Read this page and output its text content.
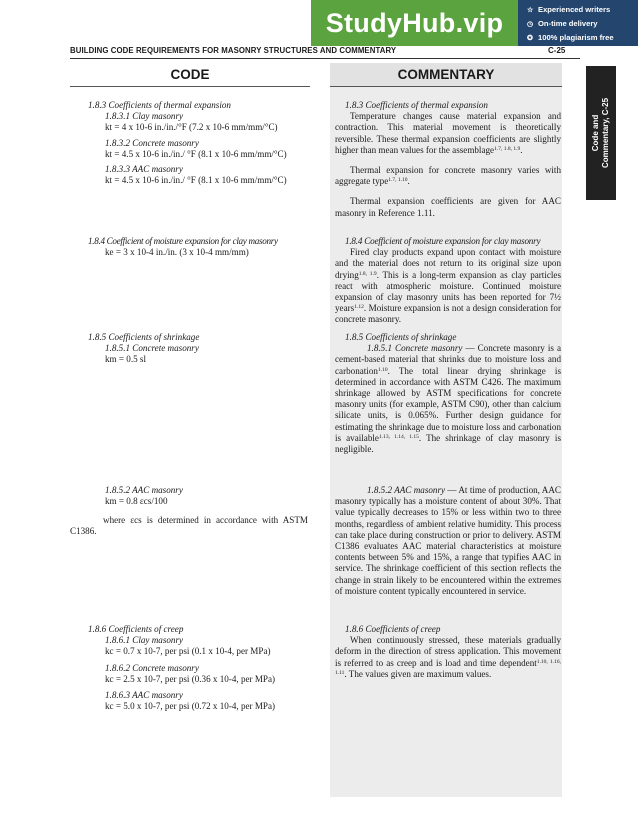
StudyHub.vip	☆ Experienced writers
◷ On-time delivery
✪ 100% plagiarism free
BUILDING CODE REQUIREMENTS FOR MASONRY STRUCTURES AND COMMENTARY	C-25
CODE	COMMENTARY
Code and
Commentary, C-25

1.8.3 Coefficients of thermal expansion

1.8.3.1 Clay masonry

kt = 4 x 10-6 in./in./°F (7.2 x 10-6 mm/mm/°C)

1.8.3.2 Concrete masonry

kt = 4.5 x 10-6 in./in./ °F (8.1 x 10-6 mm/mm/°C)

1.8.3.3 AAC masonry

kt = 4.5 x 10-6 in./in./ °F (8.1 x 10-6 mm/mm/°C)

1.8.4 Coefficient of moisture expansion for clay masonry

ke = 3 x 10-4 in./in. (3 x 10-4 mm/mm)

1.8.5 Coefficients of shrinkage

1.8.5.1 Concrete masonry

km = 0.5 sl

1.8.5.2 AAC masonry

km = 0.8 εcs/100

where εcs is determined in accordance with ASTM C1386.

1.8.6 Coefficients of creep

1.8.6.1 Clay masonry

kc = 0.7 x 10-7, per psi (0.1 x 10-4, per MPa)

1.8.6.2 Concrete masonry

kc = 2.5 x 10-7, per psi (0.36 x 10-4, per MPa)

1.8.6.3 AAC masonry

kc = 5.0 x 10-7, per psi (0.72 x 10-4, per MPa)

1.8.3 Coefficients of thermal expansion

Temperature changes cause material expansion and contraction. This material movement is theoretically reversible. These thermal expansion coefficients are slightly higher than mean values for the assemblage$^{1.7, 1.8, 1.9}$.

Thermal expansion for concrete masonry varies with aggregate type$^{1.7, 1.10}$.

Thermal expansion coefficients are given for AAC masonry in Reference 1.11.

1.8.4 Coefficient of moisture expansion for clay masonry

Fired clay products expand upon contact with moisture and the material does not return to its original size upon drying$^{1.8, 1.9}$. This is a long-term expansion as clay particles react with atmospheric moisture. Continued moisture expansion of clay masonry units has been reported for 7½ years$^{1.12}$. Moisture expansion is not a design consideration for concrete masonry.

1.8.5 Coefficients of shrinkage

1.8.5.1 Concrete masonry — Concrete masonry is a cement-based material that shrinks due to moisture loss and carbonation$^{1.10}$. The total linear drying shrinkage is determined in accordance with ASTM C426. The maximum shrinkage allowed by ASTM specifications for concrete masonry units (for example, ASTM C90), other than calcium silicate units, is 0.065%. Further design guidance for estimating the shrinkage due to moisture loss and carbonation is available$^{1.13, 1.14, 1.15}$. The shrinkage of clay masonry is negligible.

1.8.5.2 AAC masonry — At time of production, AAC masonry typically has a moisture content of about 30%. That value typically decreases to 15% or less within two to three months, regardless of ambient relative humidity. This process can take place during construction or prior to delivery. ASTM C1386 evaluates AAC material characteristics at moisture contents between 5% and 15%, a range that typifies AAC in service. The shrinkage coefficient of this section reflects the change in strain likely to be encountered within the extremes of moisture content typically encountered in service.

1.8.6 Coefficients of creep

When continuously stressed, these materials gradually deform in the direction of stress application. This movement is referred to as creep and is load and time dependent$^{1.10, 1.16, 1.11}$. The values given are maximum values.
